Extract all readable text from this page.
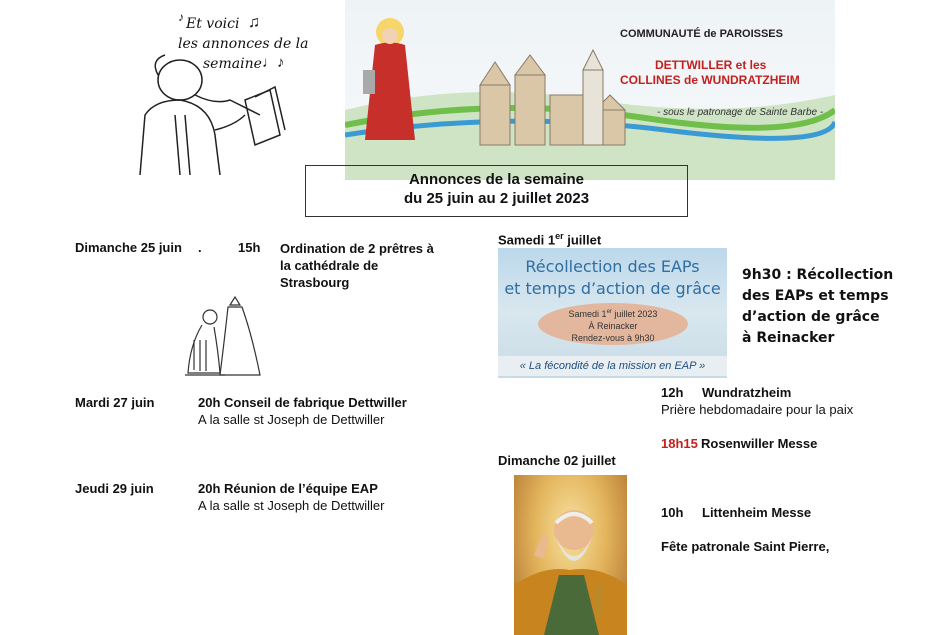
Et voici
les annonces de la
semaine
♫
♩♪
♪
COMMUNAUTÉ de PAROISSES
DETTWILLER et les
COLLINES de WUNDRATZHEIM
- sous le patronage de Sainte Barbe -
Annonces de la semaine
du 25 juin au 2 juillet 2023
Dimanche 25 juin .	15h Ordination de 2 prêtres à
la cathédrale de
Strasbourg
Mardi 27 juin	20h Conseil de fabrique Dettwiller
A la salle st Joseph de Dettwiller
Jeudi 29 juin	20h Réunion de l’équipe EAP
A la salle st Joseph de Dettwiller
Samedi 1er juillet
Récollection des EAPs
et temps d’action de grâce
Samedi 1er juillet 2023
À Reinacker
Rendez-vous à 9h30
« La fécondité de la mission en EAP »
9h30 : Récollection
des EAPs et temps
d’action de grâce
à Reinacker
12h Wundratzheim
Prière hebdomadaire pour la paix
18h15 Rosenwiller Messe
Dimanche 02 juillet
10h Littenheim Messe
Fête patronale Saint Pierre,
